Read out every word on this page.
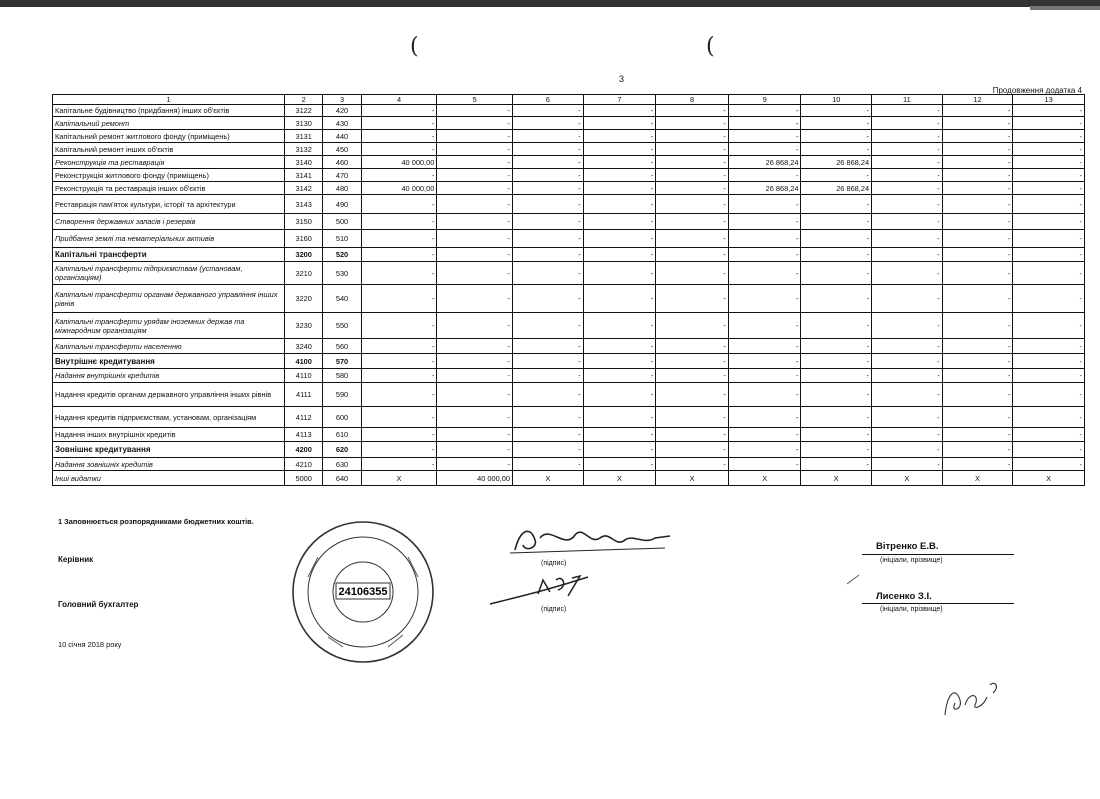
(	(
3
Продовження додатка 4
1	2	3	4	5	6	7	8	9	10	11	12	13
Капітальне будівництво (придбання) інших об'єктів	3122	420	-	-	-	-	-	-	-	-	-	-
Капітальний ремонт	3130	430	-	-	-	-	-	-	-	-	-	-
Капітальний ремонт житлового фонду (приміщень)	3131	440	-	-	-	-	-	-	-	-	-	-
Капітальний ремонт інших об'єктів	3132	450	-	-	-	-	-	-	-	-	-	-
Реконструкція та реставрація	3140	460	40 000,00	-	-	-	-	26 868,24	26 868,24	-	-	-
Реконструкція житлового фонду (приміщень)	3141	470	-	-	-	-	-	-	-	-	-	-
Реконструкція та реставрація інших об'єктів	3142	480	40 000,00	-	-	-	-	26 868,24	26 868,24	-	-	-
Реставрація пам'яток культури, історії та архітектури	3143	490	-	-	-	-	-	-	-	-	-	-
Створення державних запасів і резервів	3150	500	-	-	-	-	-	-	-	-	-	-
Придбання землі та нематеріальних активів	3160	510	-	-	-	-	-	-	-	-	-	-
Капітальні трансферти	3200	520	-	-	-	-	-	-	-	-	-	-
Капітальні трансферти підприємствам (установам, організаціям)	3210	530	-	-	-	-	-	-	-	-	-	-
Капітальні трансферти органам державного управління інших рівнів	3220	540	-	-	-	-	-	-	-	-	-	-
Капітальні трансферти урядам іноземних держав та міжнародним організаціям	3230	550	-	-	-	-	-	-	-	-	-	-
Капітальні трансферти населенню	3240	560	-	-	-	-	-	-	-	-	-	-
Внутрішнє кредитування	4100	570	-	-	-	-	-	-	-	-	-	-
Надання внутрішніх кредитів	4110	580	-	-	-	-	-	-	-	-	-	-
Надання кредитів органам державного управління інших рівнів	4111	590	-	-	-	-	-	-	-	-	-	-
Надання кредитів підприємствам, установам, організаціям	4112	600	-	-	-	-	-	-	-	-	-	-
Надання інших внутрішніх кредитів	4113	610	-	-	-	-	-	-	-	-	-	-
Зовнішнє кредитування	4200	620	-	-	-	-	-	-	-	-	-	-
Надання зовнішніх кредитів	4210	630	-	-	-	-	-	-	-	-	-	-
Інші видатки	5000	640	X	40 000,00	X	X	X	X	X	X	X	X
1 Заповнюється розпорядниками бюджетних коштів.
Керівник
Головний бухгалтер
24106355
(підпис)
(підпис)
Вітренко Е.В.
(ініціали, прізвище)
Лисенко З.І.
(ініціали, прізвище)
10 січня 2018 року
